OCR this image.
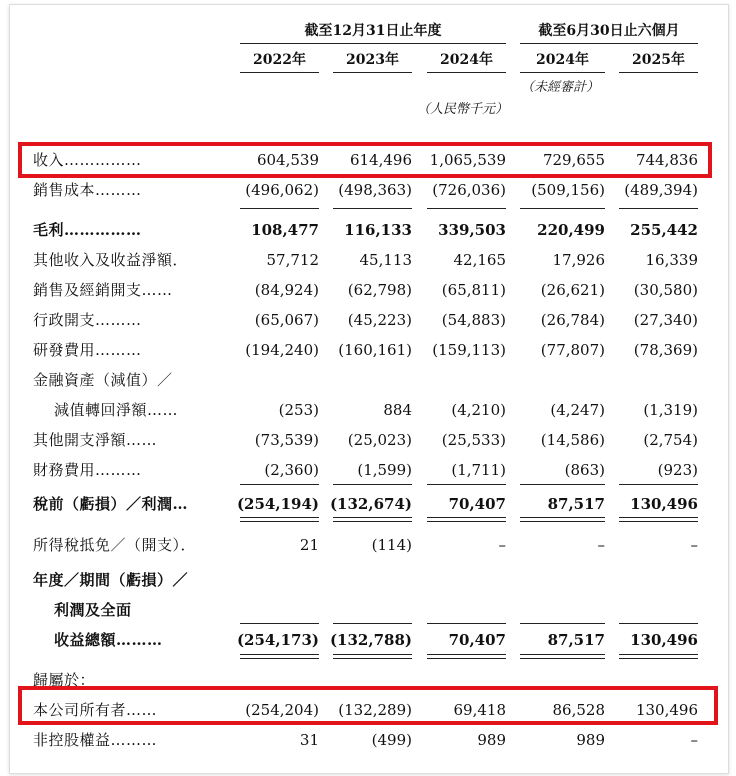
截至12月31日止年度	截至6月30日止六個月
2022年	2023年	2024年	2024年	2025年
（未經審計）
（人民幣千元）
收入……………	604,539	614,496	1,065,539	729,655	744,836
銷售成本………	(496,062)	(498,363)	(726,036)	(509,156)	(489,394)
毛利……………	108,477	116,133	339,503	220,499	255,442
其他收入及收益淨額．	57,712	45,113	42,165	17,926	16,339
銷售及經銷開支……	(84,924)	(62,798)	(65,811)	(26,621)	(30,580)
行政開支………	(65,067)	(45,223)	(54,883)	(26,784)	(27,340)
研發費用………	(194,240)	(160,161)	(159,113)	(77,807)	(78,369)
金融資產（減值）／
減值轉回淨額……	(253)	884	(4,210)	(4,247)	(1,319)
其他開支淨額……	(73,539)	(25,023)	(25,533)	(14,586)	(2,754)
財務費用………	(2,360)	(1,599)	(1,711)	(863)	(923)
稅前（虧損）／利潤…	(254,194) (132,674)	70,407	87,517	130,496
所得稅抵免／（開支）．	21	(114)	–	–	–
年度／期間（虧損）／
利潤及全面
收益總額………	(254,173) (132,788)	70,407	87,517	130,496
歸屬於：
本公司所有者……	(254,204)	(132,289)	69,418	86,528	130,496
非控股權益………	31	(499)	989	989	–
